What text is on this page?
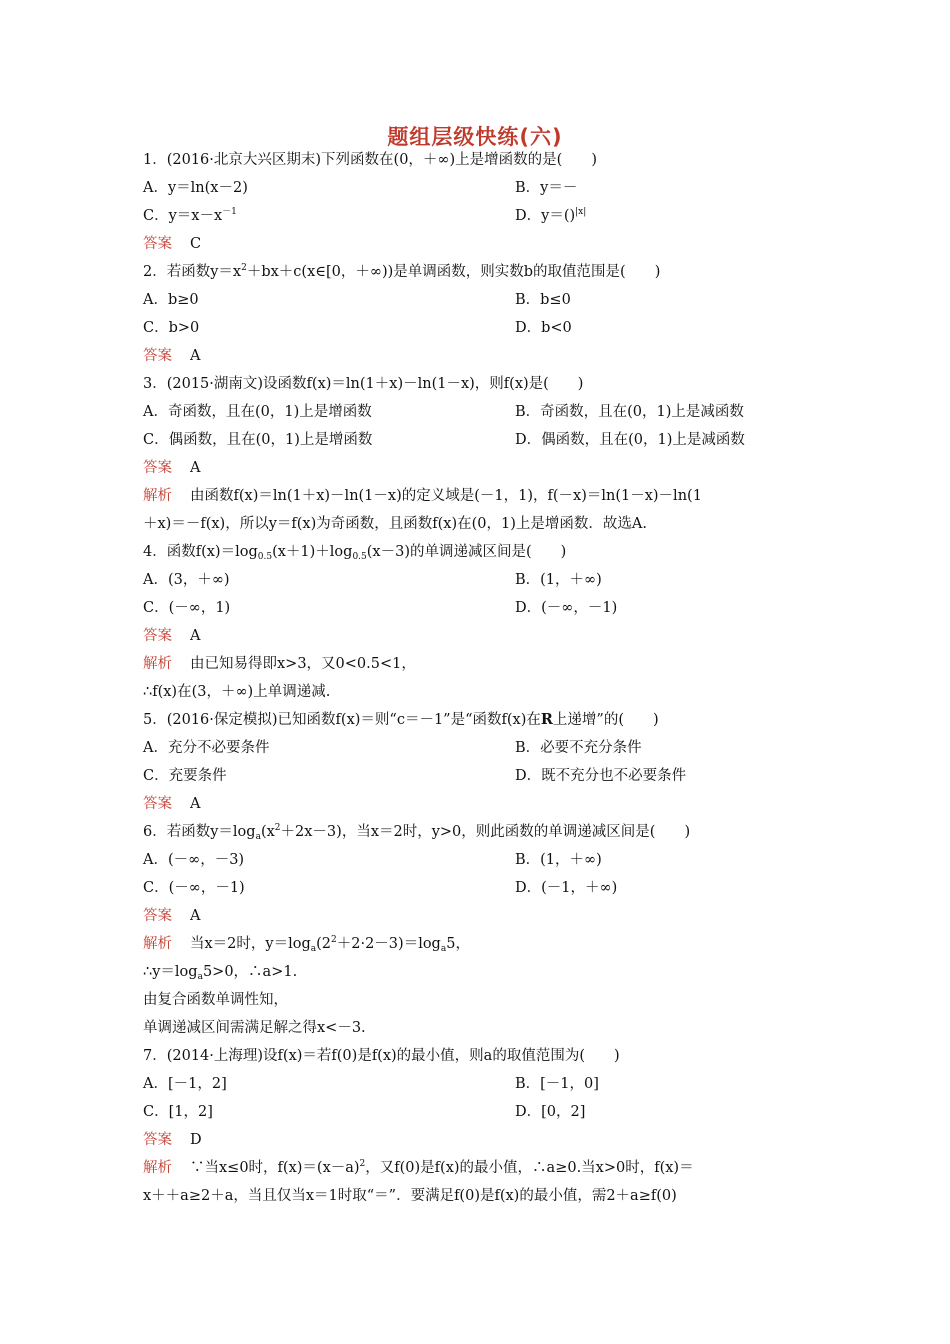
题组层级快练(六)
1．(2016·北京大兴区期末)下列函数在(0，＋∞)上是增函数的是(　　)
A．y＝ln(x－2)	B．y＝－
C．$y=x-x^{-1}$	D．y＝()$^{|x|}$
答案 C
2．若函数$y=x^2+bx+c(x\in[0$，＋∞))是单调函数，则实数b的取值范围是(　　)
A．b≥0	B．b≤0
C．b>0	D．b<0
答案 A
3．(2015·湖南文)设函数f(x)＝ln(1＋x)－ln(1－x)，则f(x)是(　　)
A．奇函数，且在(0，1)上是增函数	B．奇函数，且在(0，1)上是减函数
C．偶函数，且在(0，1)上是增函数	D．偶函数，且在(0，1)上是减函数
答案 A
解析 由函数f(x)＝ln(1＋x)－ln(1－x)的定义域是(－1，1)，f(－x)＝ln(1－x)－ln(1
＋x)＝－f(x)，所以y＝f(x)为奇函数，且函数f(x)在(0，1)上是增函数．故选A.
4．函数$f(x)=\log_{0.5}(x+1)+\log_{0.5}(x-3)$的单调递减区间是(　　)
A．(3，＋∞)	B．(1，＋∞)
C．(－∞，1)	D．(－∞，－1)
答案 A
解析 由已知易得即x>3，又0<0.5<1，
∴f(x)在(3，＋∞)上单调递减.
5．(2016·保定模拟)已知函数f(x)＝则“c＝－1”是“函数f(x)在R上递增”的(　　)
A．充分不必要条件	B．必要不充分条件
C．充要条件	D．既不充分也不必要条件
答案 A
6．若函数$y=\log_a(x^2+2x-3)$，当x＝2时，y>0，则此函数的单调递减区间是(　　)
A．(－∞，－3)	B．(1，＋∞)
C．(－∞，－1)	D．(－1，＋∞)
答案 A
解析 当x＝2时，$y=\log_a(2^2+2\cdot 2-3)=\log_a5$，
$\therefore y=\log_a5>0$，∴a>1.
由复合函数单调性知，
单调递减区间需满足解之得x<－3.
7．(2014·上海理)设f(x)＝若f(0)是f(x)的最小值，则a的取值范围为(　　)
A．[－1，2]	B．[－1，0]
C．[1，2]	D．[0，2]
答案 D
解析 ∵当x≤0时，$f(x)=(x-a)^2$，又f(0)是f(x)的最小值，∴a≥0.当x>0时，f(x)＝
x＋＋a≥2＋a，当且仅当x＝1时取“＝”．要满足f(0)是f(x)的最小值，需2＋a≥f(0)
